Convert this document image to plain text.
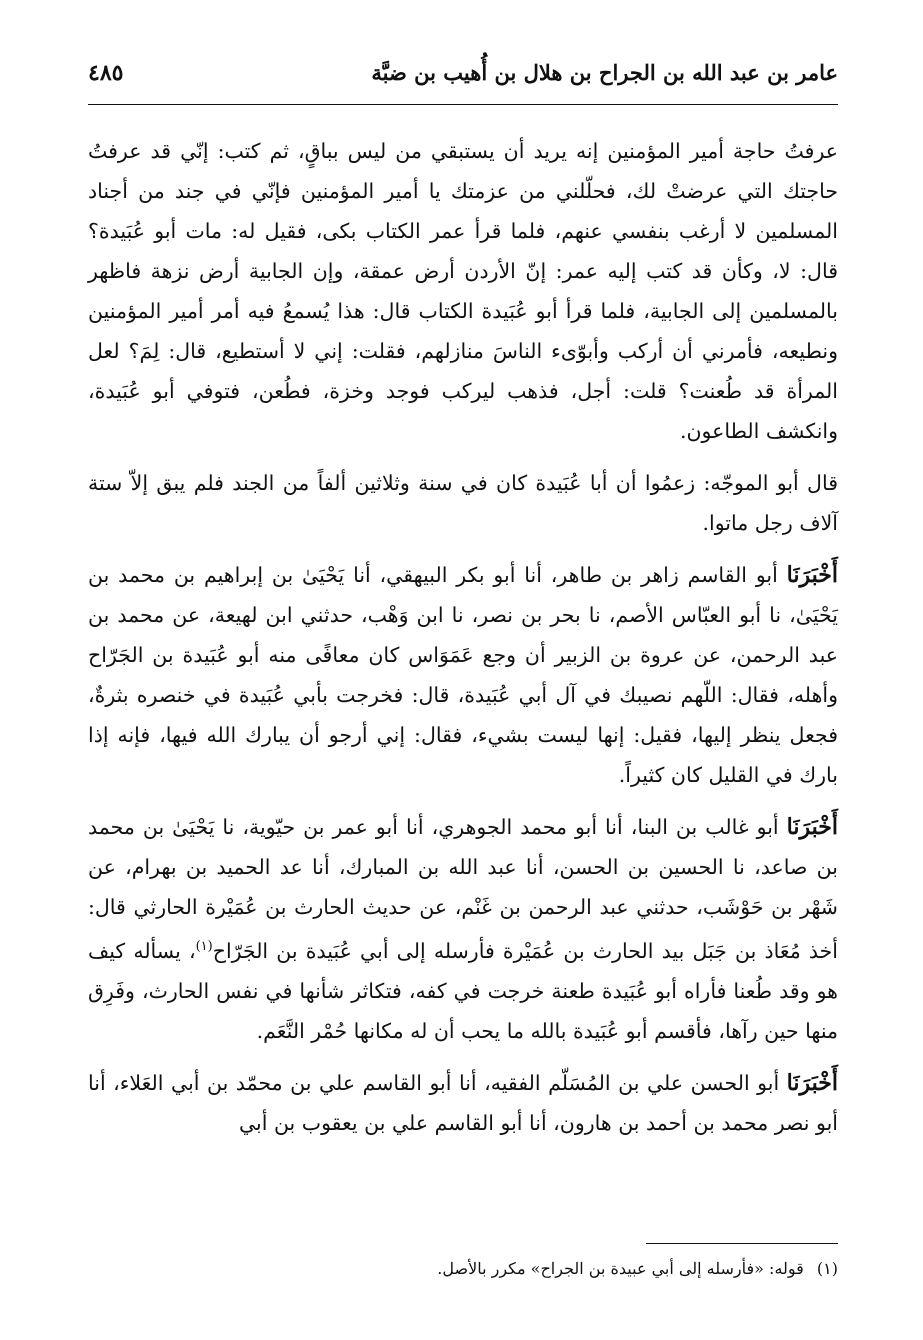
عامر بن عبد الله بن الجراح بن هلال بن أُهيب بن ضبَّة
٤٨٥

عرفتُ حاجة أمير المؤمنين إنه يريد أن يستبقي من ليس بباقٍ، ثم كتب: إنّي قد عرفتُ حاجتك التي عرضتْ لك، فحلّلني من عزمتك يا أمير المؤمنين فإنّي في جند من أجناد المسلمين لا أرغب بنفسي عنهم، فلما قرأ عمر الكتاب بكى، فقيل له: مات أبو عُبَيدة؟ قال: لا، وكأن قد كتب إليه عمر: إنّ الأردن أرض عمقة، وإن الجابية أرض نزهة فاظهر بالمسلمين إلى الجابية، فلما قرأ أبو عُبَيدة الكتاب قال: هذا يُسمعُ فيه أمر أمير المؤمنين ونطيعه، فأمرني أن أركب وأبوّىء الناسَ منازلهم، فقلت: إني لا أستطيع، قال: لِمَ؟ لعل المرأة قد طُعنت؟ قلت: أجل، فذهب ليركب فوجد وخزة، فطُعن، فتوفي أبو عُبَيدة، وانكشف الطاعون.

قال أبو الموجّه: زعمُوا أن أبا عُبَيدة كان في سنة وثلاثين ألفاً من الجند فلم يبق إلاّ ستة آلاف رجل ماتوا.

أَخْبَرَنَا أبو القاسم زاهر بن طاهر، أنا أبو بكر البيهقي، أنا يَحْيَىٰ بن إبراهيم بن محمد بن يَحْيَىٰ، نا أبو العبّاس الأصم، نا بحر بن نصر، نا ابن وَهْب، حدثني ابن لهيعة، عن محمد بن عبد الرحمن، عن عروة بن الزبير أن وجع عَمَوَاس كان معافًى منه أبو عُبَيدة بن الجَرّاح وأهله، فقال: اللّهم نصيبك في آل أبي عُبَيدة، قال: فخرجت بأبي عُبَيدة في خنصره بثرةٌ، فجعل ينظر إليها، فقيل: إنها ليست بشيء، فقال: إني أرجو أن يبارك الله فيها، فإنه إذا بارك في القليل كان كثيراً.

أَخْبَرَنَا أبو غالب بن البنا، أنا أبو محمد الجوهري، أنا أبو عمر بن حيّوية، نا يَحْيَىٰ بن محمد بن صاعد، نا الحسين بن الحسن، أنا عبد الله بن المبارك، أنا عد الحميد بن بهرام، عن شَهْر بن حَوْشَب، حدثني عبد الرحمن بن غَنْم، عن حديث الحارث بن عُمَيْرة الحارثي قال: أخذ مُعَاذ بن جَبَل بيد الحارث بن عُمَيْرة فأرسله إلى أبي عُبَيدة بن الجَرّاح$^{(١)}$، يسأله كيف هو وقد طُعنا فأراه أبو عُبَيدة طعنة خرجت في كفه، فتكاثر شأنها في نفس الحارث، وفَرِق منها حين رآها، فأقسم أبو عُبَيدة بالله ما يحب أن له مكانها حُمْر النَّعَم.

أَخْبَرَنَا أبو الحسن علي بن المُسَلّم الفقيه، أنا أبو القاسم علي بن محمّد بن أبي العَلاء، أنا أبو نصر محمد بن أحمد بن هارون، أنا أبو القاسم علي بن يعقوب بن أبي

(١) قوله: «فأرسله إلى أبي عبيدة بن الجراح» مكرر بالأصل.
